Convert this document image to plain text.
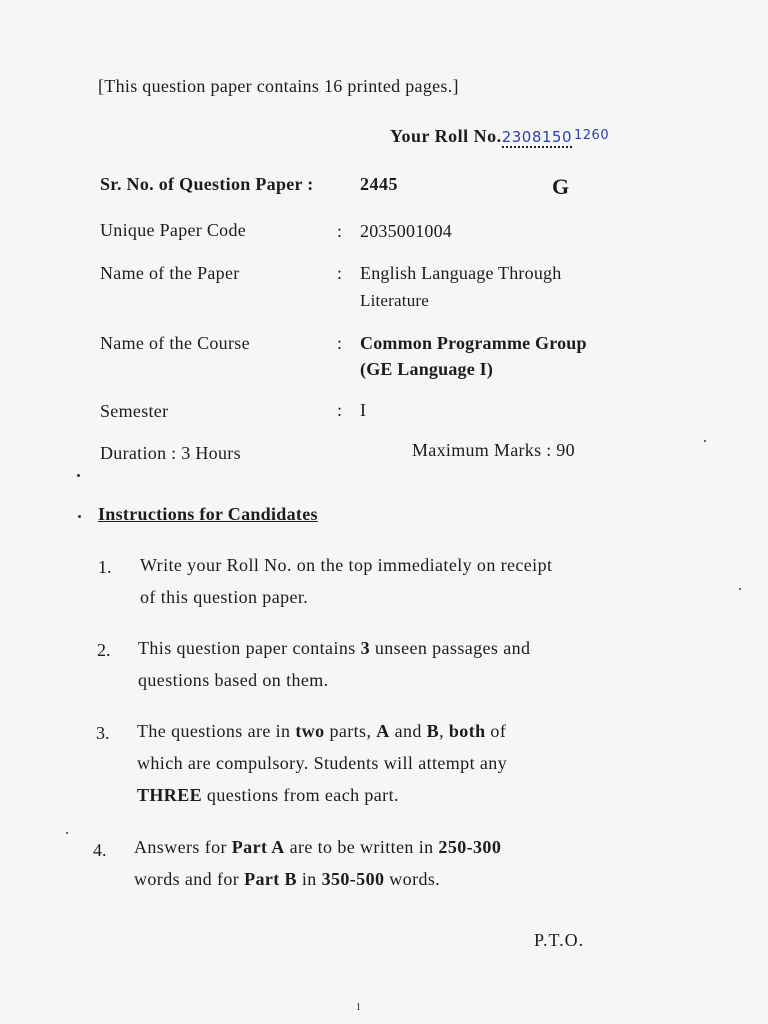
[This question paper contains 16 printed pages.]
Your Roll No.2308150 1260
Sr. No. of Question Paper :	2445	G
Unique Paper Code	: 2035001004
Name of the Paper	: English Language Through
Literature
Name of the Course	: Common Programme Group
(GE Language I)
Semester	: I
Duration : 3 Hours	Maximum Marks : 90
Instructions for Candidates
1. Write your Roll No. on the top immediately on receipt
of this question paper.
2. This question paper contains 3 unseen passages and
questions based on them.
3. The questions are in two parts, A and B, both of
which are compulsory. Students will attempt any
THREE questions from each part.
4. Answers for Part A are to be written in 250-300
words and for Part B in 350-500 words.
P.T.O.
1
